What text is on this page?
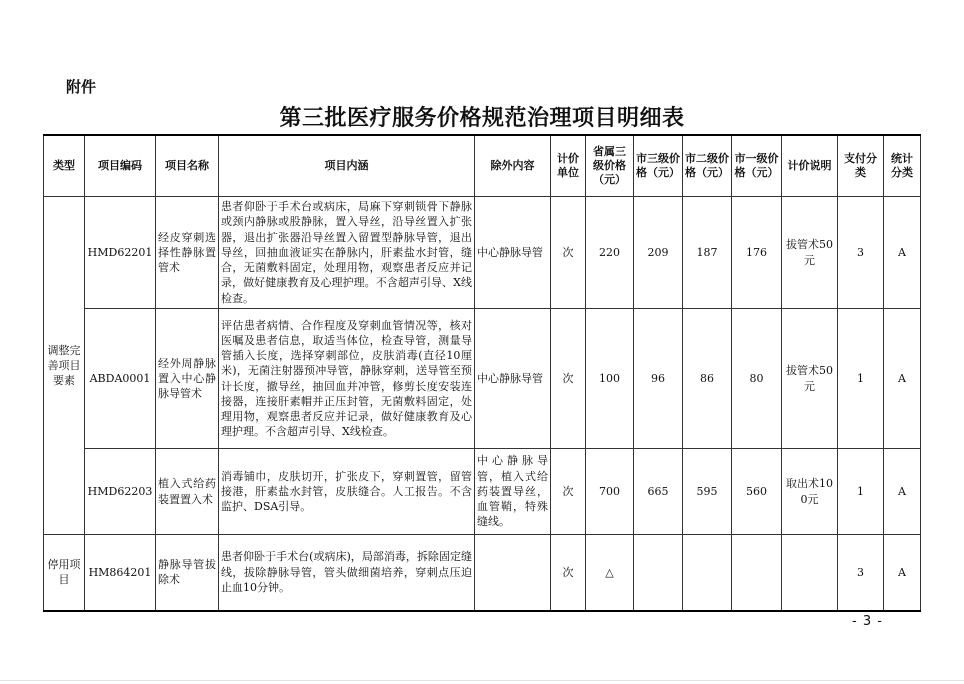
附件
第三批医疗服务价格规范治理项目明细表
类型	项目编码	项目名称	项目内涵	除外内容	计价单位	省属三级价格（元）	市三级价格（元）	市二级价格（元）	市一级价格（元）	计价说明	支付分类	统计分类
调整完善项目要素	HMD62201	经皮穿刺选择性静脉置管术	患者仰卧于手术台或病床，局麻下穿刺锁骨下静脉或颈内静脉或股静脉，置入导丝，沿导丝置入扩张器，退出扩张器沿导丝置入留置型静脉导管，退出导丝，回抽血液证实在静脉内，肝素盐水封管，缝合，无菌敷料固定，处理用物，观察患者反应并记录，做好健康教育及心理护理。不含超声引导、X线检查。	中心静脉导管	次	220	209	187	176	拔管术50元	3	A
	ABDA0001	经外周静脉置入中心静脉导管术	评估患者病情、合作程度及穿刺血管情况等，核对医嘱及患者信息，取适当体位，检查导管，测量导管插入长度，选择穿刺部位，皮肤消毒(直径10厘米)，无菌注射器预冲导管，静脉穿刺，送导管至预计长度，撤导丝，抽回血并冲管，修剪长度安装连接器，连接肝素帽并正压封管，无菌敷料固定，处理用物，观察患者反应并记录，做好健康教育及心理护理。不含超声引导、X线检查。	中心静脉导管	次	100	96	86	80	拔管术50元	1	A
	HMD62203	植入式给药装置置入术	消毒铺巾，皮肤切开，扩张皮下，穿刺置管，留管接港，肝素盐水封管，皮肤缝合。人工报告。不含监护、DSA引导。	中心静脉导管，植入式给药装置导丝，血管鞘，特殊缝线。	次	700	665	595	560	取出术100元	1	A
停用项目	HM864201	静脉导管拔除术	患者仰卧于手术台(或病床)，局部消毒，拆除固定缝线，拔除静脉导管，管头做细菌培养，穿刺点压迫止血10分钟。		次	△					3	A
- 3 -
